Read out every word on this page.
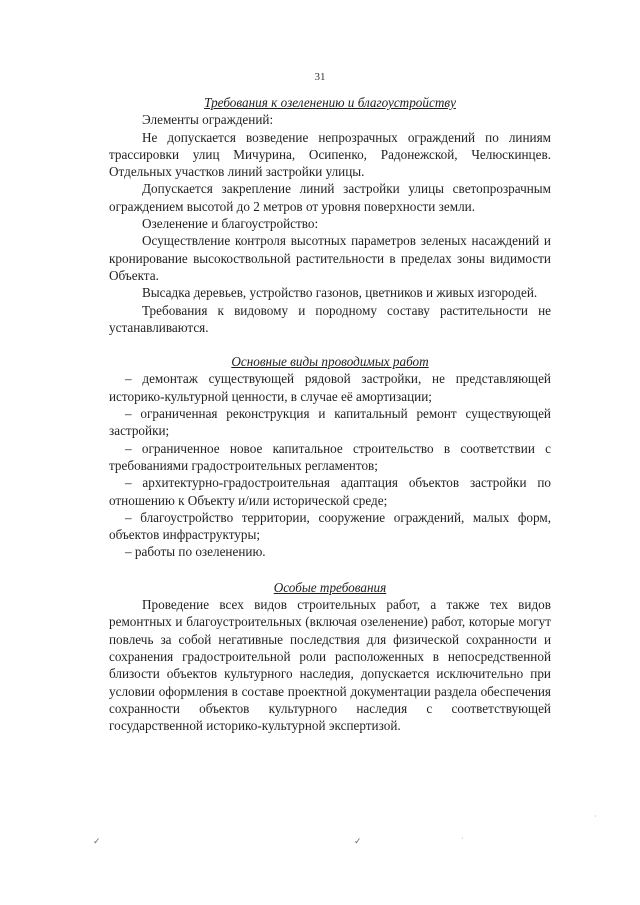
31

Требования к озеленению и благоустройству

Элементы ограждений:

Не допускается возведение непрозрачных ограждений по линиям трассировки улиц Мичурина, Осипенко, Радонежской, Челюскинцев. Отдельных участков линий застройки улицы.

Допускается закрепление линий застройки улицы светопрозрачным ограждением высотой до 2 метров от уровня поверхности земли.

Озеленение и благоустройство:

Осуществление контроля высотных параметров зеленых насаждений и кронирование высокоствольной растительности в пределах зоны видимости Объекта.

Высадка деревьев, устройство газонов, цветников и живых изгородей.

Требования к видовому и породному составу растительности не устанавливаются.

Основные виды проводимых работ

– демонтаж существующей рядовой застройки, не представляющей историко-культурной ценности, в случае её амортизации;

– ограниченная реконструкция и капитальный ремонт существующей застройки;

– ограниченное новое капитальное строительство в соответствии с требованиями градостроительных регламентов;

– архитектурно-градостроительная адаптация объектов застройки по отношению к Объекту и/или исторической среде;

– благоустройство территории, сооружение ограждений, малых форм, объектов инфраструктуры;

– работы по озеленению.

Особые требования

Проведение всех видов строительных работ, а также тех видов ремонтных и благоустроительных (включая озеленение) работ, которые могут повлечь за собой негативные последствия для физической сохранности и сохранения градостроительной роли расположенных в непосредственной близости объектов культурного наследия, допускается исключительно при условии оформления в составе проектной документации раздела обеспечения сохранности объектов культурного наследия с соответствующей государственной историко-культурной экспертизой.

✓	✓
·
·
